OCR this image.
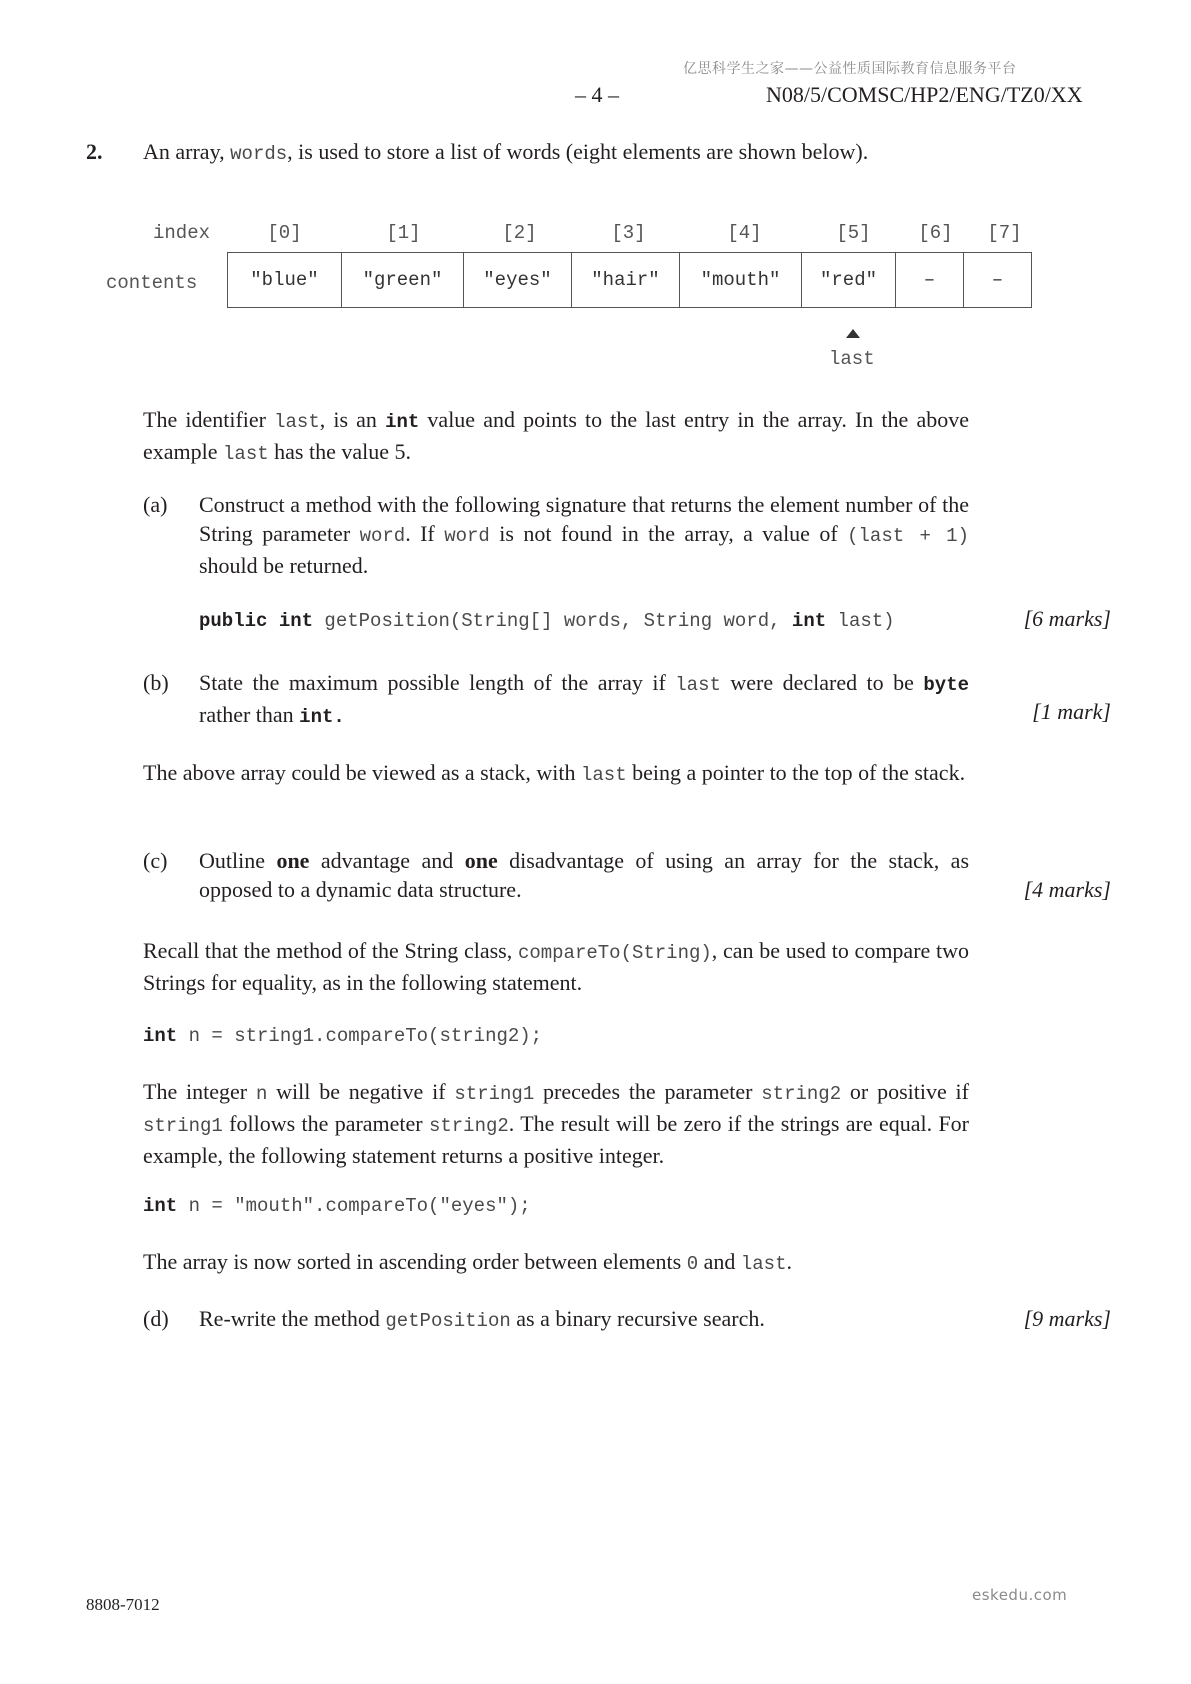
亿思科学生之家——公益性质国际教育信息服务平台
– 4 –	N08/5/COMSC/HP2/ENG/TZ0/XX
2. An array, words, is used to store a list of words (eight elements are shown below).
index
contents
[0]	[1]	[2]	[3]	[4]	[5]	[6]	[7]
"blue"	"green"	"eyes"	"hair"	"mouth"	"red"	–	–
last
The identifier last, is an int value and points to the last entry in the array. In the above example last has the value 5.
(a) Construct a method with the following signature that returns the element number of the String parameter word. If word is not found in the array, a value of (last + 1) should be returned.
public int getPosition(String[] words, String word, int last)	[6 marks]
(b) State the maximum possible length of the array if last were declared to be byte rather than int.	[1 mark]
The above array could be viewed as a stack, with last being a pointer to the top of the stack.
(c) Outline one advantage and one disadvantage of using an array for the stack, as opposed to a dynamic data structure.	[4 marks]
Recall that the method of the String class, compareTo(String), can be used to compare two Strings for equality, as in the following statement.
int n = string1.compareTo(string2);
The integer n will be negative if string1 precedes the parameter string2 or positive if string1 follows the parameter string2. The result will be zero if the strings are equal. For example, the following statement returns a positive integer.
int n = "mouth".compareTo("eyes");
The array is now sorted in ascending order between elements 0 and last.
(d) Re-write the method getPosition as a binary recursive search.	[9 marks]
8808-7012	eskedu.com
